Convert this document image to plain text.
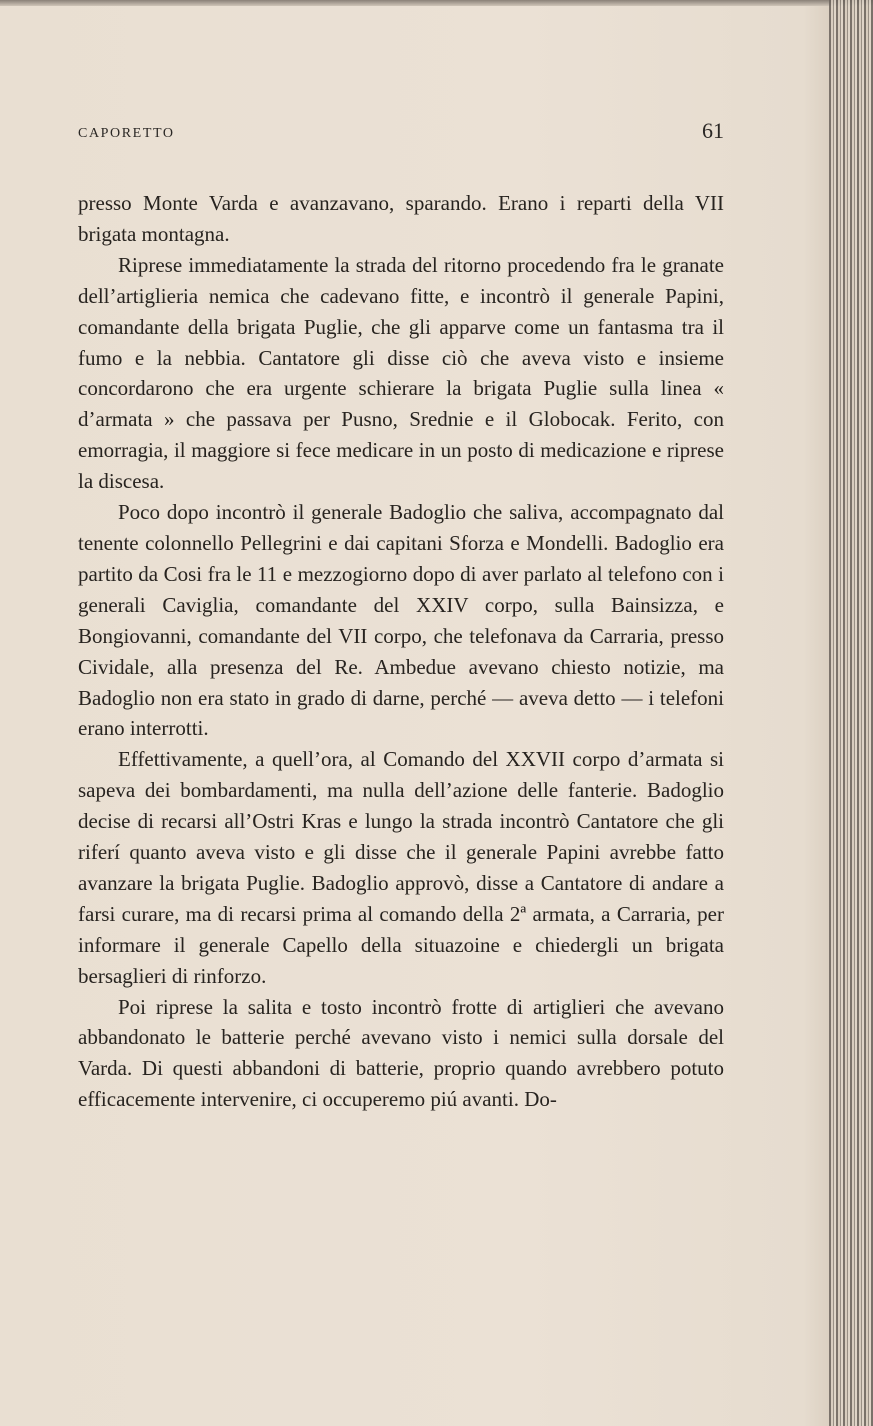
CAPORETTO	61

presso Monte Varda e avanzavano, sparando. Erano i reparti della VII brigata montagna.

Riprese immediatamente la strada del ritorno procedendo fra le granate dell’artiglieria nemica che cadevano fitte, e incontrò il generale Papini, comandante della brigata Puglie, che gli apparve come un fantasma tra il fumo e la nebbia. Cantatore gli disse ciò che aveva visto e insieme concordarono che era urgente schierare la brigata Puglie sulla linea « d’armata » che passava per Pusno, Srednie e il Globocak. Ferito, con emorragia, il maggiore si fece medicare in un posto di medicazione e riprese la discesa.

Poco dopo incontrò il generale Badoglio che saliva, accompagnato dal tenente colonnello Pellegrini e dai capitani Sforza e Mondelli. Badoglio era partito da Cosi fra le 11 e mezzogiorno dopo di aver parlato al telefono con i generali Caviglia, comandante del XXIV corpo, sulla Bainsizza, e Bongiovanni, comandante del VII corpo, che telefonava da Carraria, presso Cividale, alla presenza del Re. Ambedue avevano chiesto notizie, ma Badoglio non era stato in grado di darne, perché — aveva detto — i telefoni erano interrotti.

Effettivamente, a quell’ora, al Comando del XXVII corpo d’armata si sapeva dei bombardamenti, ma nulla dell’azione delle fanterie. Badoglio decise di recarsi all’Ostri Kras e lungo la strada incontrò Cantatore che gli riferí quanto aveva visto e gli disse che il generale Papini avrebbe fatto avanzare la brigata Puglie. Badoglio approvò, disse a Cantatore di andare a farsi curare, ma di recarsi prima al comando della 2ª armata, a Carraria, per informare il generale Capello della situazoine e chiedergli un brigata bersaglieri di rinforzo.

Poi riprese la salita e tosto incontrò frotte di artiglieri che avevano abbandonato le batterie perché avevano visto i nemici sulla dorsale del Varda. Di questi abbandoni di batterie, proprio quando avrebbero potuto efficacemente intervenire, ci occuperemo piú avanti. Do-
